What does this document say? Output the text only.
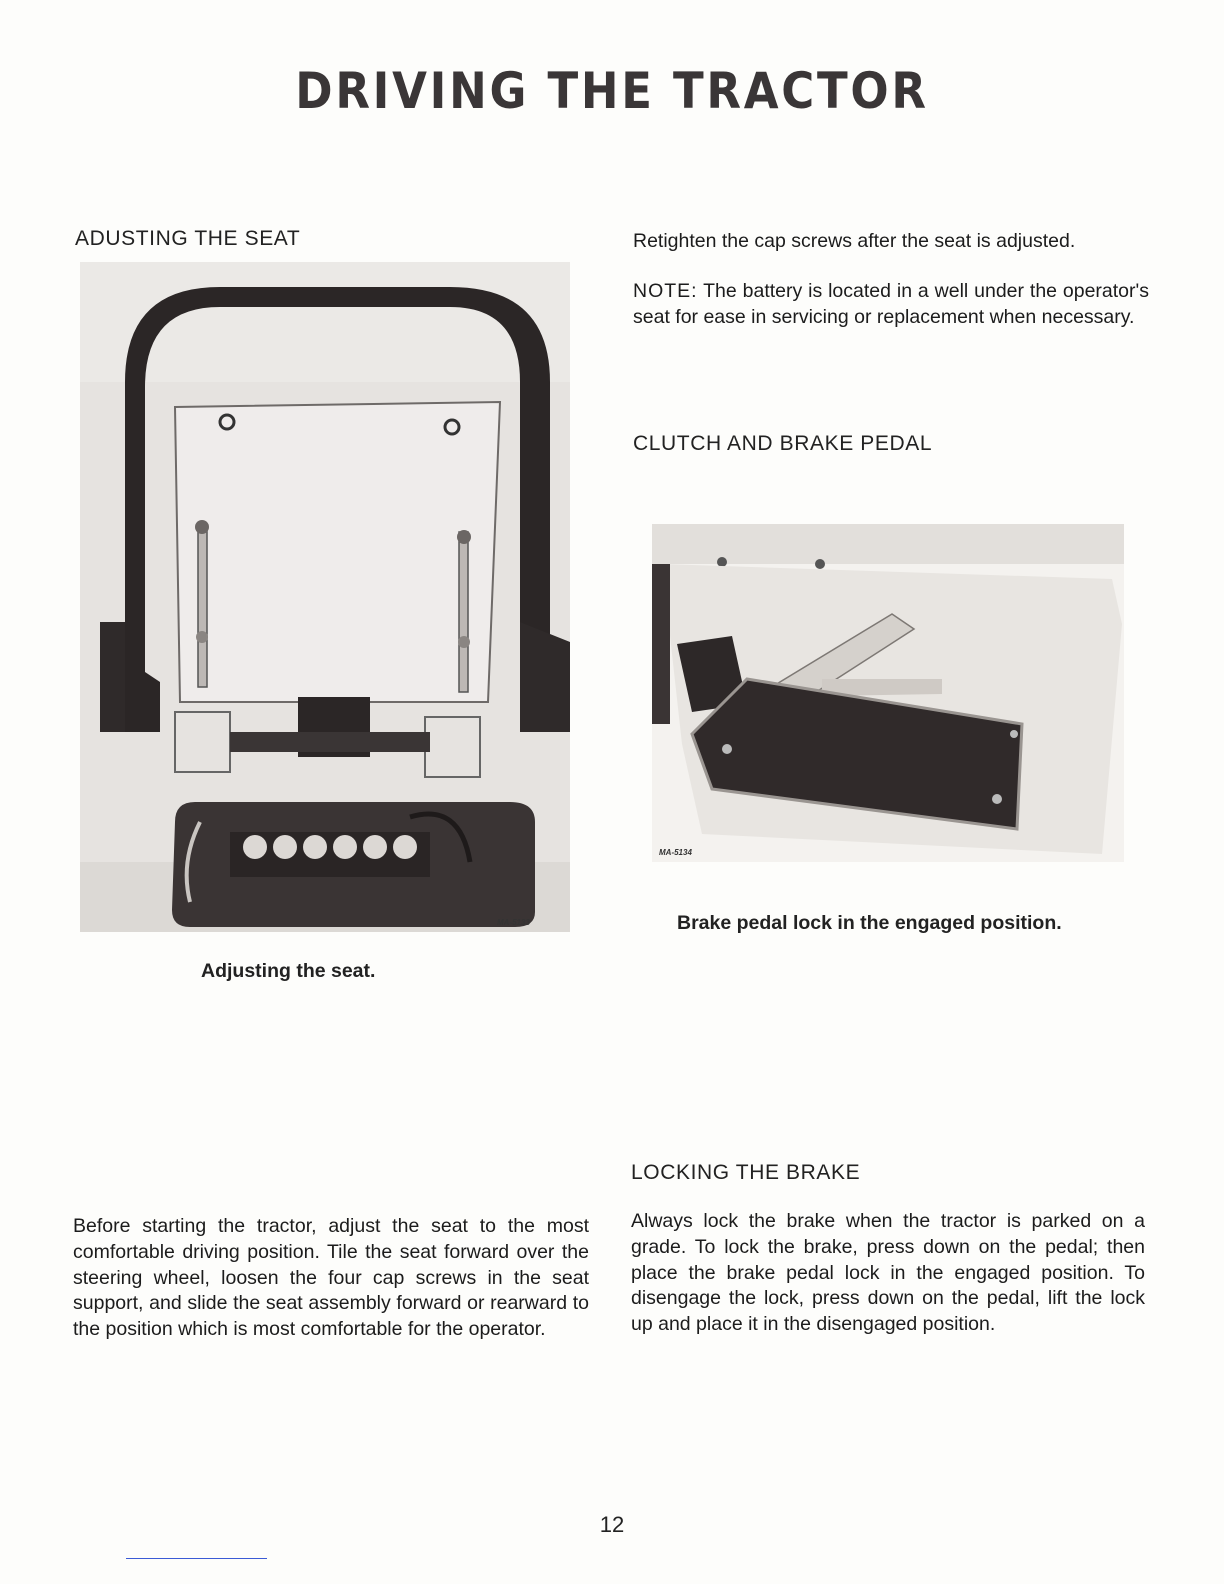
DRIVING THE TRACTOR
ADUSTING THE SEAT
MA-5133
Adjusting the seat.
Before starting the tractor, adjust the seat to the most comfortable driving position. Tile the seat forward over the steering wheel, loosen the four cap screws in the seat support, and slide the seat assembly forward or rearward to the position which is most comfortable for the operator.
Retighten the cap screws after the seat is adjusted.
NOTE: The battery is located in a well under the operator's seat for ease in servicing or replacement when necessary.
CLUTCH AND BRAKE PEDAL
MA-5134
Brake pedal lock in the engaged position.
LOCKING THE BRAKE
Always lock the brake when the tractor is parked on a grade. To lock the brake, press down on the pedal; then place the brake pedal lock in the engaged position. To disengage the lock, press down on the pedal, lift the lock up and place it in the disengaged position.
12
